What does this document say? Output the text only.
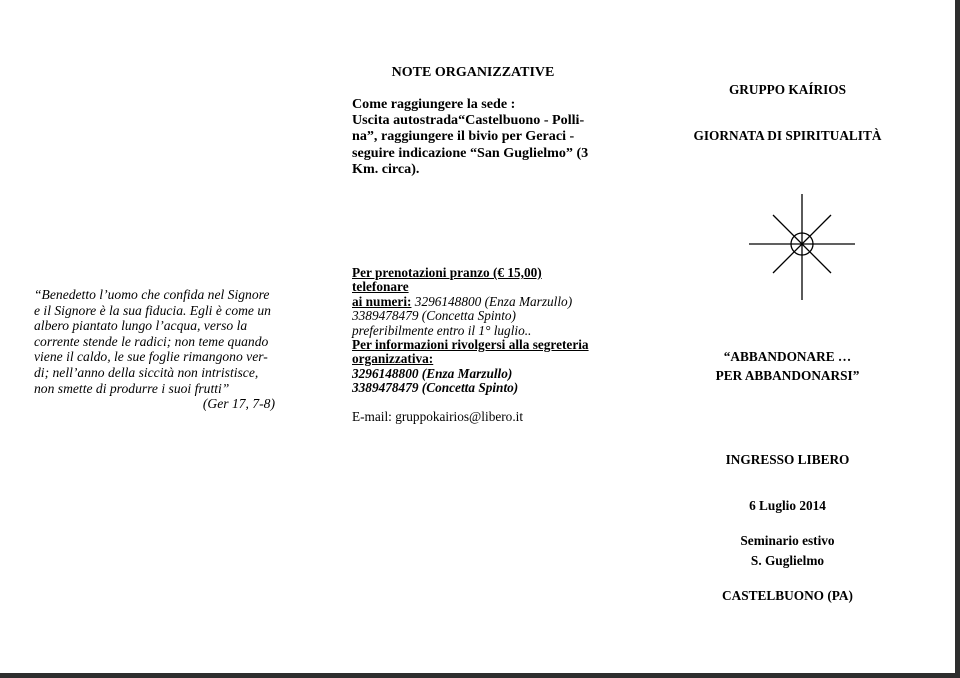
“Benedetto l’uomo che confida nel Signore
e il Signore è la sua fiducia. Egli è come un
albero piantato lungo l’acqua, verso la
corrente stende le radici; non teme quando
viene il caldo, le sue foglie rimangono ver-
di; nell’anno della siccità non intristisce,
non smette di produrre i suoi frutti”
(Ger 17, 7-8)
NOTE ORGANIZZATIVE
Come raggiungere la sede :
Uscita autostrada“Castelbuono - Polli-
na”, raggiungere il bivio per Geraci -
seguire indicazione “San Guglielmo” (3
Km. circa).
Per prenotazioni pranzo (€ 15,00) telefonare
ai numeri: 3296148800 (Enza Marzullo)
3389478479 (Concetta Spinto)
preferibilmente entro il 1° luglio..
Per informazioni rivolgersi alla segreteria
organizzativa:
3296148800 (Enza Marzullo)
3389478479 (Concetta Spinto)
E-mail: gruppokairios@libero.it
GRUPPO KAÍRIOS
GIORNATA DI SPIRITUALITÀ
“ABBANDONARE …
PER ABBANDONARSI”
INGRESSO LIBERO
6 Luglio 2014
Seminario estivo
S. Guglielmo
CASTELBUONO (PA)
